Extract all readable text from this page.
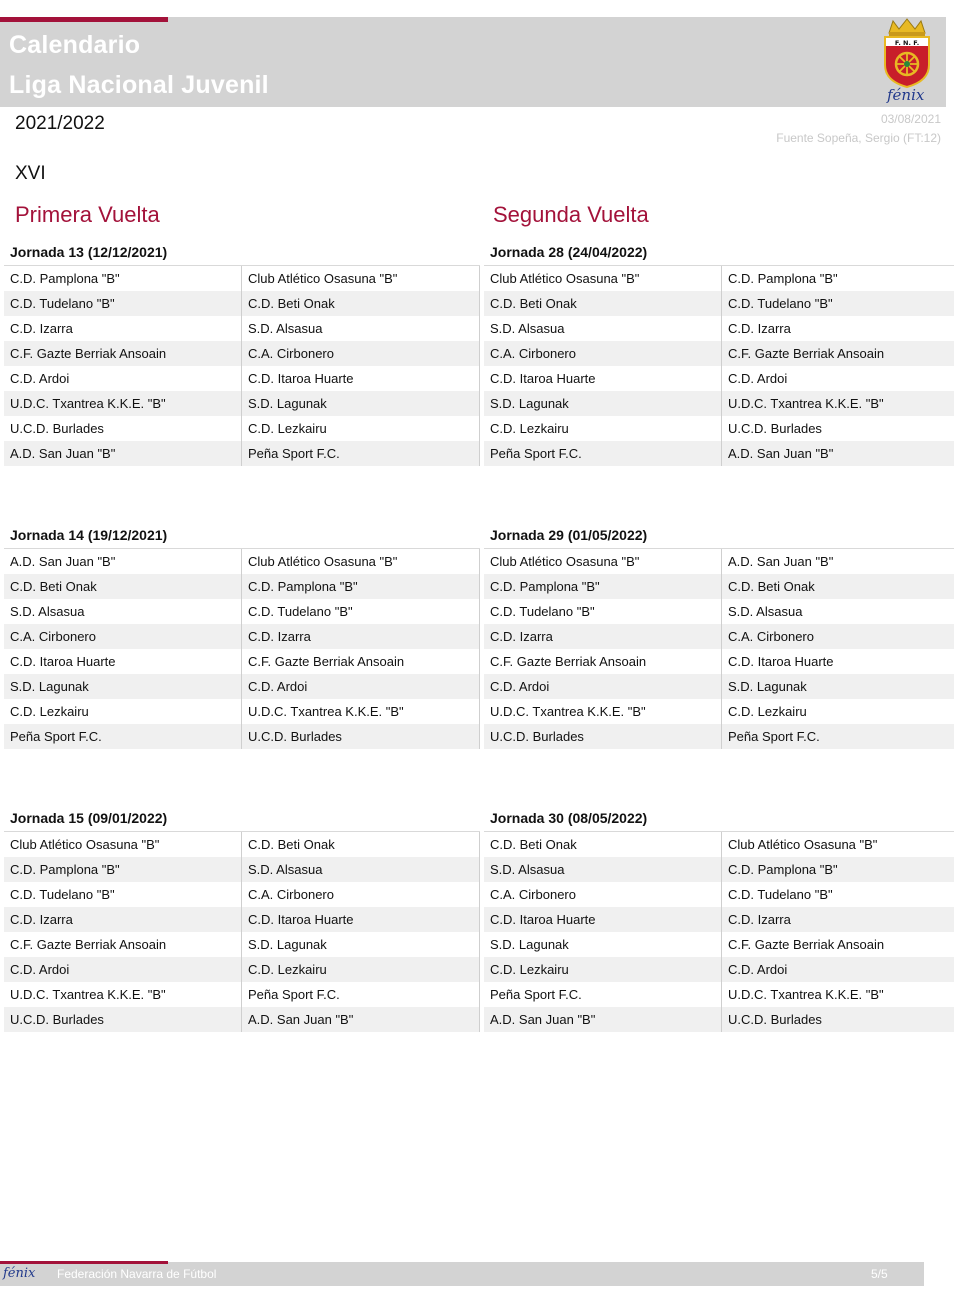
Calendario
Liga Nacional Juvenil
F. N. F.
fénix
2021/2022	03/08/2021
Fuente Sopeña, Sergio (FT:12)
XVI
Primera Vuelta	Segunda Vuelta
Jornada 13 (12/12/2021)
C.D. Pamplona "B"	Club Atlético Osasuna "B"
C.D. Tudelano "B"	C.D. Beti Onak
C.D. Izarra	S.D. Alsasua
C.F. Gazte Berriak Ansoain	C.A. Cirbonero
C.D. Ardoi	C.D. Itaroa Huarte
U.D.C. Txantrea K.K.E. "B"	S.D. Lagunak
U.C.D. Burlades	C.D. Lezkairu
A.D. San Juan "B"	Peña Sport F.C.
Jornada 28 (24/04/2022)
Club Atlético Osasuna "B"	C.D. Pamplona "B"
C.D. Beti Onak	C.D. Tudelano "B"
S.D. Alsasua	C.D. Izarra
C.A. Cirbonero	C.F. Gazte Berriak Ansoain
C.D. Itaroa Huarte	C.D. Ardoi
S.D. Lagunak	U.D.C. Txantrea K.K.E. "B"
C.D. Lezkairu	U.C.D. Burlades
Peña Sport F.C.	A.D. San Juan "B"
Jornada 14 (19/12/2021)
A.D. San Juan "B"	Club Atlético Osasuna "B"
C.D. Beti Onak	C.D. Pamplona "B"
S.D. Alsasua	C.D. Tudelano "B"
C.A. Cirbonero	C.D. Izarra
C.D. Itaroa Huarte	C.F. Gazte Berriak Ansoain
S.D. Lagunak	C.D. Ardoi
C.D. Lezkairu	U.D.C. Txantrea K.K.E. "B"
Peña Sport F.C.	U.C.D. Burlades
Jornada 29 (01/05/2022)
Club Atlético Osasuna "B"	A.D. San Juan "B"
C.D. Pamplona "B"	C.D. Beti Onak
C.D. Tudelano "B"	S.D. Alsasua
C.D. Izarra	C.A. Cirbonero
C.F. Gazte Berriak Ansoain	C.D. Itaroa Huarte
C.D. Ardoi	S.D. Lagunak
U.D.C. Txantrea K.K.E. "B"	C.D. Lezkairu
U.C.D. Burlades	Peña Sport F.C.
Jornada 15 (09/01/2022)
Club Atlético Osasuna "B"	C.D. Beti Onak
C.D. Pamplona "B"	S.D. Alsasua
C.D. Tudelano "B"	C.A. Cirbonero
C.D. Izarra	C.D. Itaroa Huarte
C.F. Gazte Berriak Ansoain	S.D. Lagunak
C.D. Ardoi	C.D. Lezkairu
U.D.C. Txantrea K.K.E. "B"	Peña Sport F.C.
U.C.D. Burlades	A.D. San Juan "B"
Jornada 30 (08/05/2022)
C.D. Beti Onak	Club Atlético Osasuna "B"
S.D. Alsasua	C.D. Pamplona "B"
C.A. Cirbonero	C.D. Tudelano "B"
C.D. Itaroa Huarte	C.D. Izarra
S.D. Lagunak	C.F. Gazte Berriak Ansoain
C.D. Lezkairu	C.D. Ardoi
Peña Sport F.C.	U.D.C. Txantrea K.K.E. "B"
A.D. San Juan "B"	U.C.D. Burlades
fénix Federación Navarra de Fútbol	5/5
